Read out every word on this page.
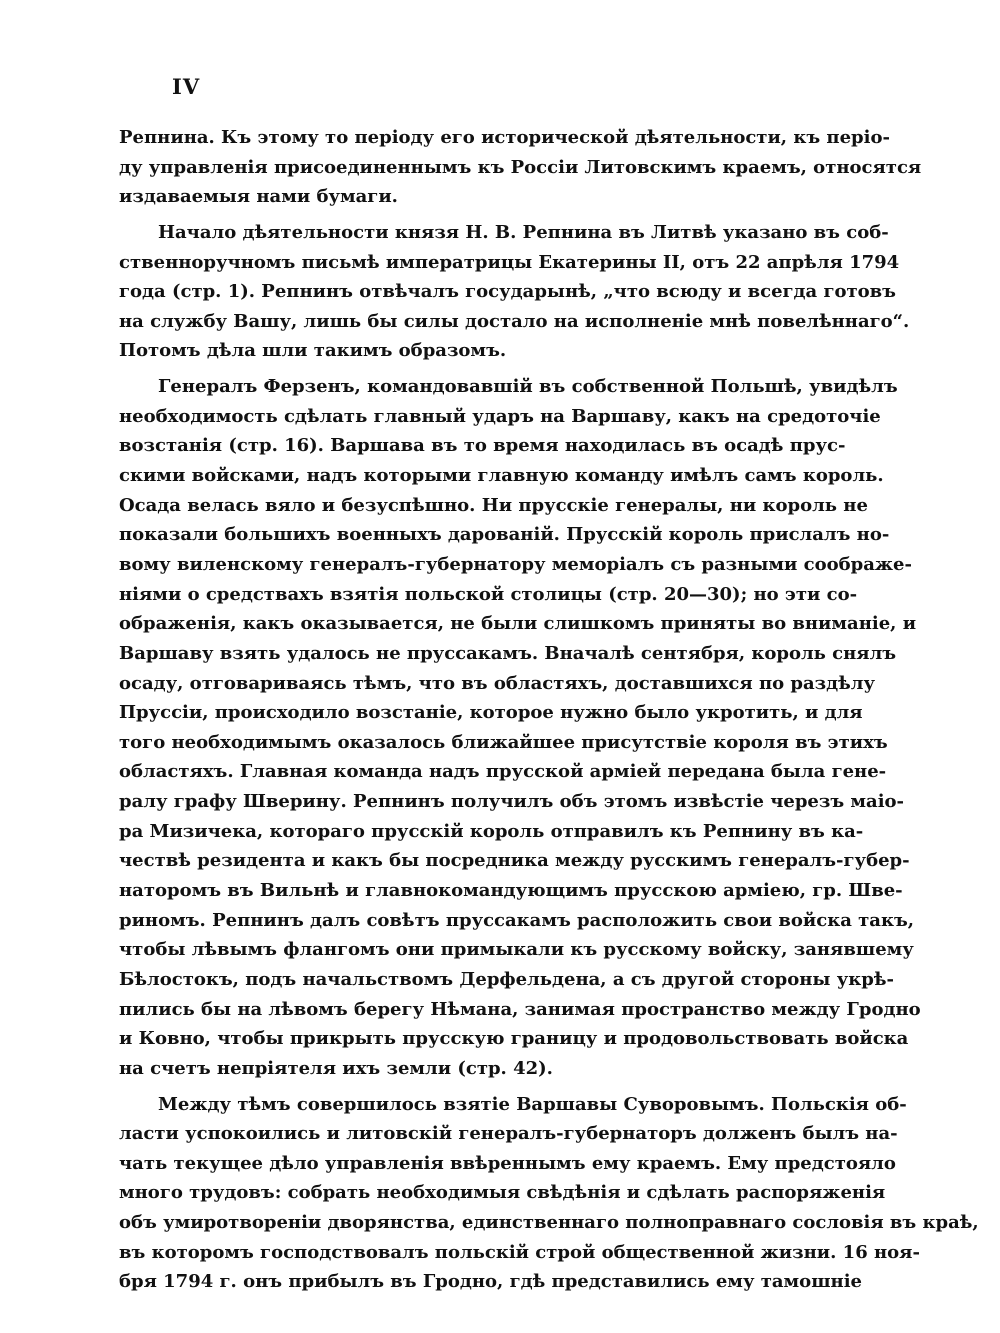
IV
Репнина. Къ этому то періоду его исторической дѣятельности, къ періо-
ду управленія присоединеннымъ къ Россіи Литовскимъ краемъ, относятся
издаваемыя нами бумаги.
Начало дѣятельности князя Н. В. Репнина въ Литвѣ указано въ соб-
ственноручномъ письмѣ императрицы Екатерины II, отъ 22 апрѣля 1794
года (стр. 1). Репнинъ отвѣчалъ государынѣ, „что всюду и всегда готовъ
на службу Вашу, лишь бы силы достало на исполненіе мнѣ повелѣннаго“.
Потомъ дѣла шли такимъ образомъ.
Генералъ Ферзенъ, командовавшій въ собственной Польшѣ, увидѣлъ
необходимость сдѣлать главный ударъ на Варшаву, какъ на средоточіе
возстанія (стр. 16). Варшава въ то время находилась въ осадѣ прус-
скими войсками, надъ которыми главную команду имѣлъ самъ король.
Осада велась вяло и безуспѣшно. Ни прусскіе генералы, ни король не
показали большихъ военныхъ дарованій. Прусскій король прислалъ но-
вому виленскому генералъ-губернатору меморіалъ съ разными соображе-
ніями о средствахъ взятія польской столицы (стр. 20—30); но эти со-
ображенія, какъ оказывается, не были слишкомъ приняты во вниманіе, и
Варшаву взять удалось не пруссакамъ. Вначалѣ сентября, король снялъ
осаду, отговариваясь тѣмъ, что въ областяхъ, доставшихся по раздѣлу
Пруссіи, происходило возстаніе, которое нужно было укротить, и для
того необходимымъ оказалось ближайшее присутствіе короля въ этихъ
областяхъ. Главная команда надъ прусской арміей передана была гене-
ралу графу Шверину. Репнинъ получилъ объ этомъ извѣстіе черезъ маіо-
ра Мизичека, котораго прусскій король отправилъ къ Репнину въ ка-
чествѣ резидента и какъ бы посредника между русскимъ генералъ-губер-
наторомъ въ Вильнѣ и главнокомандующимъ прусскою арміею, гр. Шве-
риномъ. Репнинъ далъ совѣтъ пруссакамъ расположить свои войска такъ,
чтобы лѣвымъ флангомъ они примыкали къ русскому войску, занявшему
Бѣлостокъ, подъ начальствомъ Дерфельдена, а съ другой стороны укрѣ-
пились бы на лѣвомъ берегу Нѣмана, занимая пространство между Гродно
и Ковно, чтобы прикрыть прусскую границу и продовольствовать войска
на счетъ непріятеля ихъ земли (стр. 42).
Между тѣмъ совершилось взятіе Варшавы Суворовымъ. Польскія об-
ласти успокоились и литовскій генералъ-губернаторъ долженъ былъ на-
чать текущее дѣло управленія ввѣреннымъ ему краемъ. Ему предстояло
много трудовъ: собрать необходимыя свѣдѣнія и сдѣлать распоряженія
объ умиротвореніи дворянства, единственнаго полноправнаго сословія въ краѣ,
въ которомъ господствовалъ польскій строй общественной жизни. 16 ноя-
бря 1794 г. онъ прибылъ въ Гродно, гдѣ представились ему тамошніе
